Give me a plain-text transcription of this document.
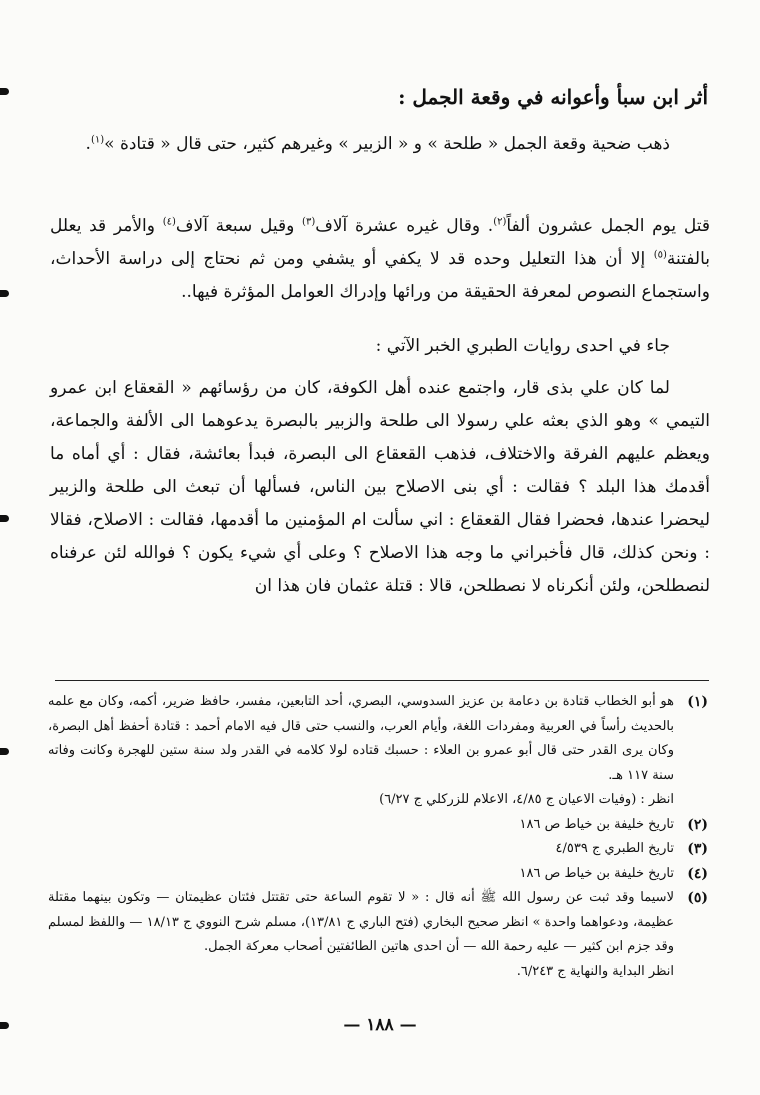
أثر ابن سبأ وأعوانه في وقعة الجمل :

ذهب ضحية وقعة الجمل « طلحة » و « الزبير » وغيرهم كثير، حتى قال « قتادة »$^{(١)}$.

قتل يوم الجمل عشرون ألفاً$^{(٢)}$. وقال غيره عشرة آلاف$^{(٣)}$ وقيل سبعة آلاف$^{(٤)}$ والأمر قد يعلل بالفتنة$^{(٥)}$ إلا أن هذا التعليل وحده قد لا يكفي أو يشفي ومن ثم نحتاج إلى دراسة الأحداث، واستجماع النصوص لمعرفة الحقيقة من ورائها وإدراك العوامل المؤثرة فيها..

جاء في احدى روايات الطبري الخبر الآتي :

لما كان علي بذى قار، واجتمع عنده أهل الكوفة، كان من رؤسائهم « القعقاع ابن عمرو التيمي » وهو الذي بعثه علي رسولا الى طلحة والزبير بالبصرة يدعوهما الى الألفة والجماعة، ويعظم عليهم الفرقة والاختلاف، فذهب القعقاع الى البصرة، فبدأ بعائشة، فقال : أي أماه ما أقدمك هذا البلد ؟ فقالت : أي بنى الاصلاح بين الناس، فسألها أن تبعث الى طلحة والزبير ليحضرا عندها، فحضرا فقال القعقاع : اني سألت ام المؤمنين ما أقدمها، فقالت : الاصلاح، فقالا : ونحن كذلك، قال فأخبراني ما وجه هذا الاصلاح ؟ وعلى أي شيء يكون ؟ فوالله لئن عرفناه لنصطلحن، ولئن أنكرناه لا نصطلحن، قالا : قتلة عثمان فان هذا ان

(١)
هو أبو الخطاب قتادة بن دعامة بن عزيز السدوسي، البصري، أحد التابعين، مفسر، حافظ ضرير، أكمه، وكان مع علمه بالحديث رأساً في العربية ومفردات اللغة، وأيام العرب، والنسب حتى قال فيه الامام أحمد : قتادة أحفظ أهل البصرة، وكان يرى القدر حتى قال أبو عمرو بن العلاء : حسبك قتاده لولا كلامه في القدر ولد سنة ستين للهجرة وكانت وفاته سنة ١١٧ هـ.
انظر : (وفيات الاعيان ج ٤/٨٥، الاعلام للزركلي ج ٦/٢٧)
(٢)
تاريخ خليفة بن خياط ص ١٨٦
(٣)
تاريخ الطبري ج ٤/٥٣٩
(٤)
تاريخ خليفة بن خياط ص ١٨٦
(٥)
لاسيما وقد ثبت عن رسول الله ﷺ أنه قال : « لا تقوم الساعة حتى تقتتل فئتان عظيمتان — وتكون بينهما مقتلة عظيمة، ودعواهما واحدة » انظر صحيح البخاري (فتح الباري ج ١٣/٨١)، مسلم شرح النووي ج ١٨/١٣ — واللفظ لمسلم وقد جزم ابن كثير — عليه رحمة الله — أن احدى هاتين الطائفتين أصحاب معركة الجمل.
انظر البداية والنهاية ج ٦/٢٤٣.
— ١٨٨ —
